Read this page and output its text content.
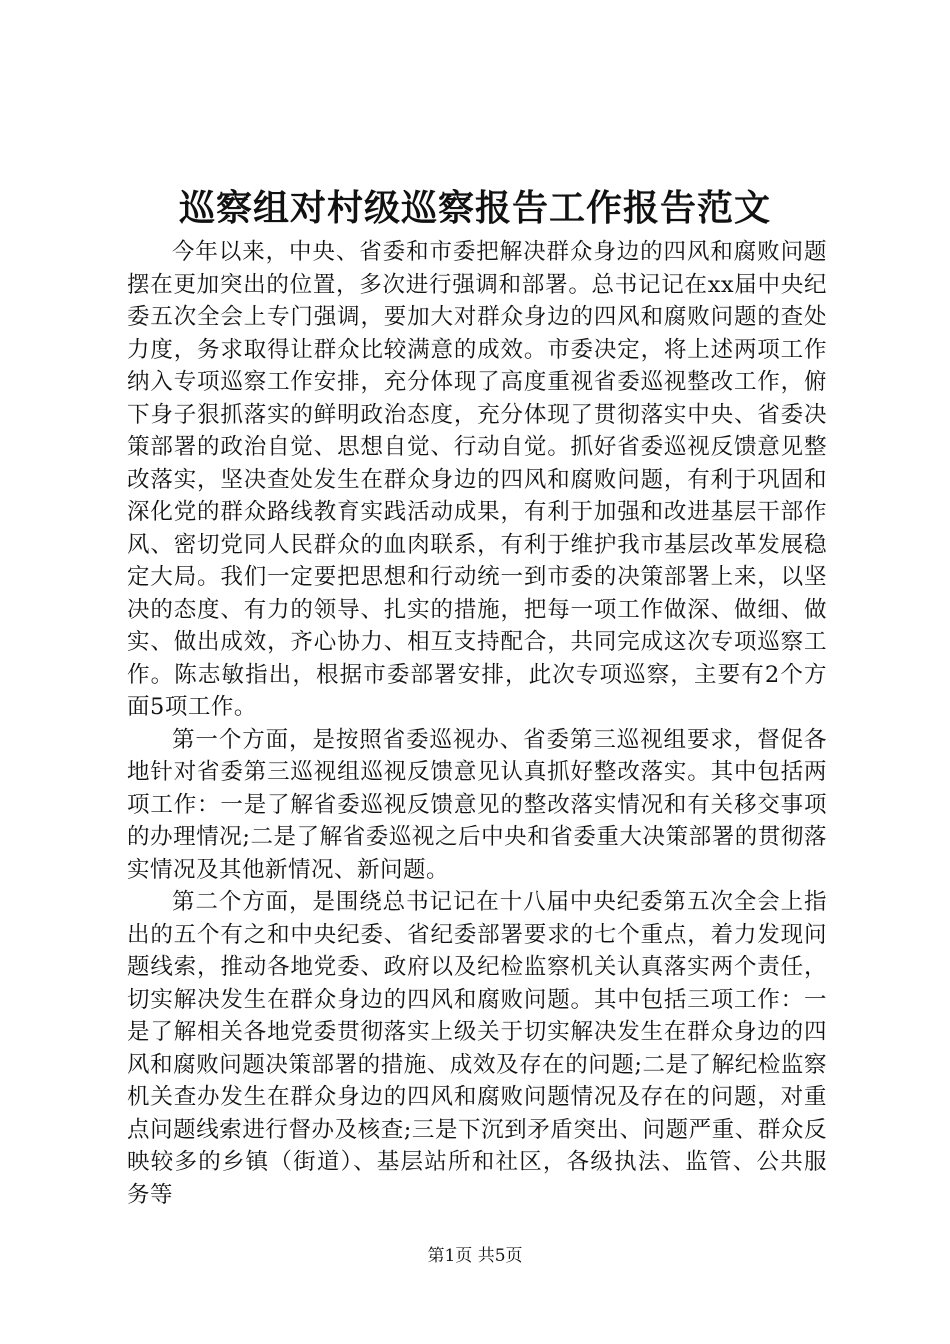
巡察组对村级巡察报告工作报告范文

今年以来，中央、省委和市委把解决群众身边的四风和腐败问题摆在更加突出的位置，多次进行强调和部署。总书记记在xx届中央纪委五次全会上专门强调，要加大对群众身边的四风和腐败问题的查处力度，务求取得让群众比较满意的成效。市委决定，将上述两项工作纳入专项巡察工作安排，充分体现了高度重视省委巡视整改工作，俯下身子狠抓落实的鲜明政治态度，充分体现了贯彻落实中央、省委决策部署的政治自觉、思想自觉、行动自觉。抓好省委巡视反馈意见整改落实，坚决查处发生在群众身边的四风和腐败问题，有利于巩固和深化党的群众路线教育实践活动成果，有利于加强和改进基层干部作风、密切党同人民群众的血肉联系，有利于维护我市基层改革发展稳定大局。我们一定要把思想和行动统一到市委的决策部署上来，以坚决的态度、有力的领导、扎实的措施，把每一项工作做深、做细、做实、做出成效，齐心协力、相互支持配合，共同完成这次专项巡察工作。陈志敏指出，根据市委部署安排，此次专项巡察，主要有2个方面5项工作。

第一个方面，是按照省委巡视办、省委第三巡视组要求，督促各地针对省委第三巡视组巡视反馈意见认真抓好整改落实。其中包括两项工作：一是了解省委巡视反馈意见的整改落实情况和有关移交事项的办理情况;二是了解省委巡视之后中央和省委重大决策部署的贯彻落实情况及其他新情况、新问题。

第二个方面，是围绕总书记记在十八届中央纪委第五次全会上指出的五个有之和中央纪委、省纪委部署要求的七个重点，着力发现问题线索，推动各地党委、政府以及纪检监察机关认真落实两个责任，切实解决发生在群众身边的四风和腐败问题。其中包括三项工作：一是了解相关各地党委贯彻落实上级关于切实解决发生在群众身边的四风和腐败问题决策部署的措施、成效及存在的问题;二是了解纪检监察机关查办发生在群众身边的四风和腐败问题情况及存在的问题，对重点问题线索进行督办及核查;三是下沉到矛盾突出、问题严重、群众反映较多的乡镇（街道）、基层站所和社区，各级执法、监管、公共服务等

第1页 共5页
